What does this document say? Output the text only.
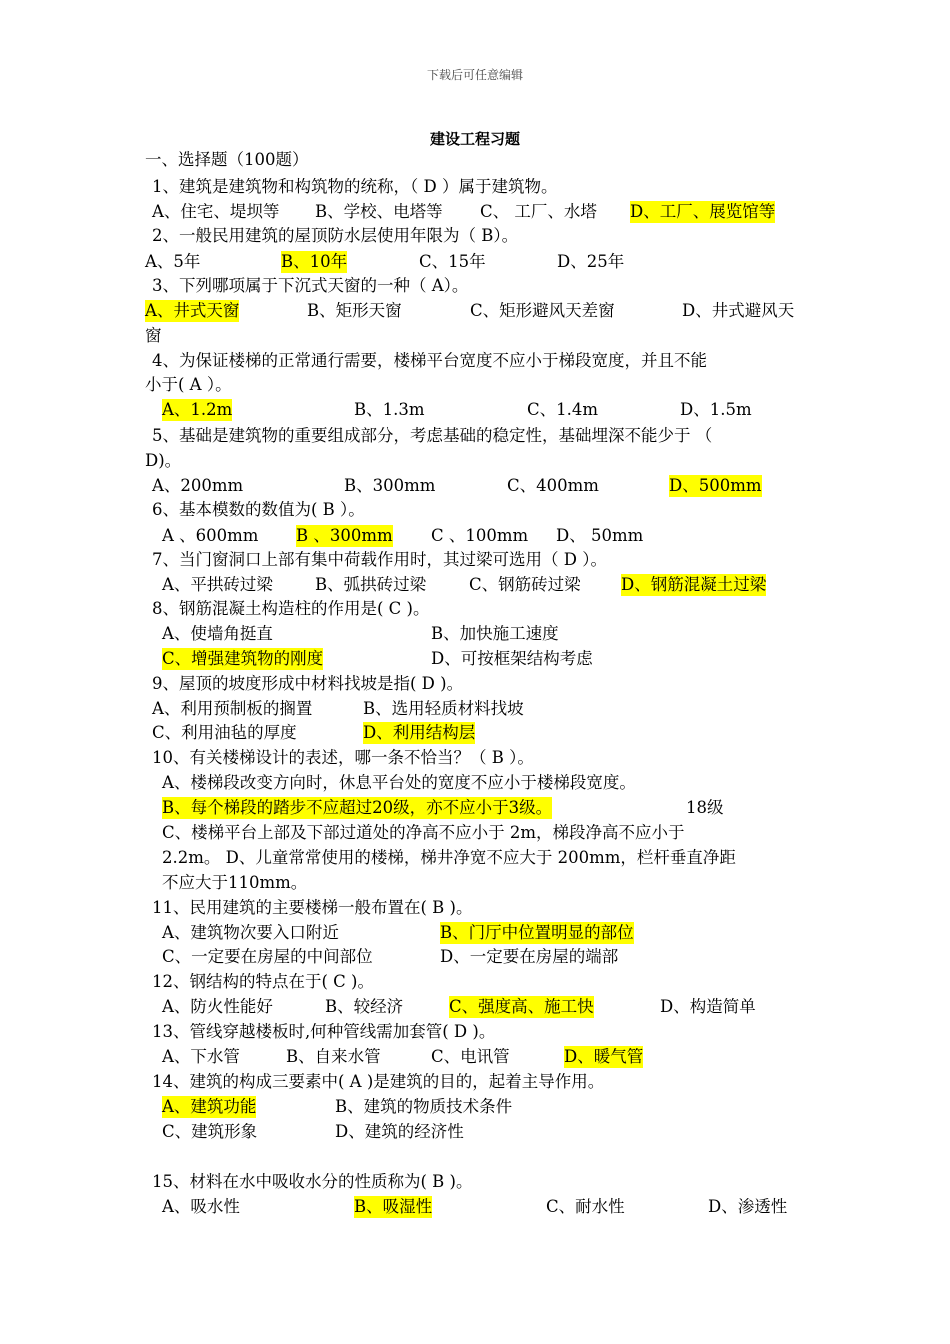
下载后可任意编辑
建设工程习题
一、选择题（100题）
1、建筑是建筑物和构筑物的统称，（ D ）属于建筑物。
A、住宅、堤坝等 B、学校、电塔等 C、 工厂、水塔 D、工厂、展览馆等
2、一般民用建筑的屋顶防水层使用年限为（ B）。
A、5年	B、10年	C、15年	D、25年
3、下列哪项属于下沉式天窗的一种（ A）。
A、井式天窗	B、矩形天窗	C、矩形避风天差窗	D、井式避风天
窗
4、为保证楼梯的正常通行需要，楼梯平台宽度不应小于梯段宽度，并且不能
小于( A ）。
A、1.2m	B、1.3m	C、1.4m	D、1.5m
5、基础是建筑物的重要组成部分，考虑基础的稳定性，基础埋深不能少于 （
D)。
A、200mm	B、300mm	C、400mm	D、500mm
6、基本模数的数值为( B ）。
A 、600mm B 、300mm C 、100mm D、 50mm
7、当门窗洞口上部有集中荷载作用时，其过梁可选用（ D ）。
A、平拱砖过梁	B、弧拱砖过梁	C、钢筋砖过梁 D、钢筋混凝土过梁
8、钢筋混凝土构造柱的作用是( C )。
A、使墙角挺直	B、加快施工速度
C、增强建筑物的刚度	D、可按框架结构考虑
9、屋顶的坡度形成中材料找坡是指( D )。
A、利用预制板的搁置	B、选用轻质材料找坡
C、利用油毡的厚度	D、利用结构层
10、有关楼梯设计的表述，哪一条不恰当？（ B ）。
A、楼梯段改变方向时，休息平台处的宽度不应小于楼梯段宽度。
B、每个梯段的踏步不应超过20级，亦不应小于3级。	18级
C、楼梯平台上部及下部过道处的净高不应小于 2m，梯段净高不应小于
2.2m。 D、儿童常常使用的楼梯，梯井净宽不应大于 200mm，栏杆垂直净距
不应大于110mm。
11、民用建筑的主要楼梯一般布置在( B )。
A、建筑物次要入口附近	B、门厅中位置明显的部位
C、一定要在房屋的中间部位	D、一定要在房屋的端部
12、钢结构的特点在于( C )。
A、防火性能好	B、较经济	C、强度高、施工快	D、构造简单
13、管线穿越楼板时,何种管线需加套管( D )。
A、下水管	B、自来水管	C、电讯管	D、暖气管
14、建筑的构成三要素中( A )是建筑的目的，起着主导作用。
A、建筑功能	B、建筑的物质技术条件
C、建筑形象	D、建筑的经济性
15、材料在水中吸收水分的性质称为( B )。
A、吸水性	B、吸湿性	C、耐水性	D、渗透性
